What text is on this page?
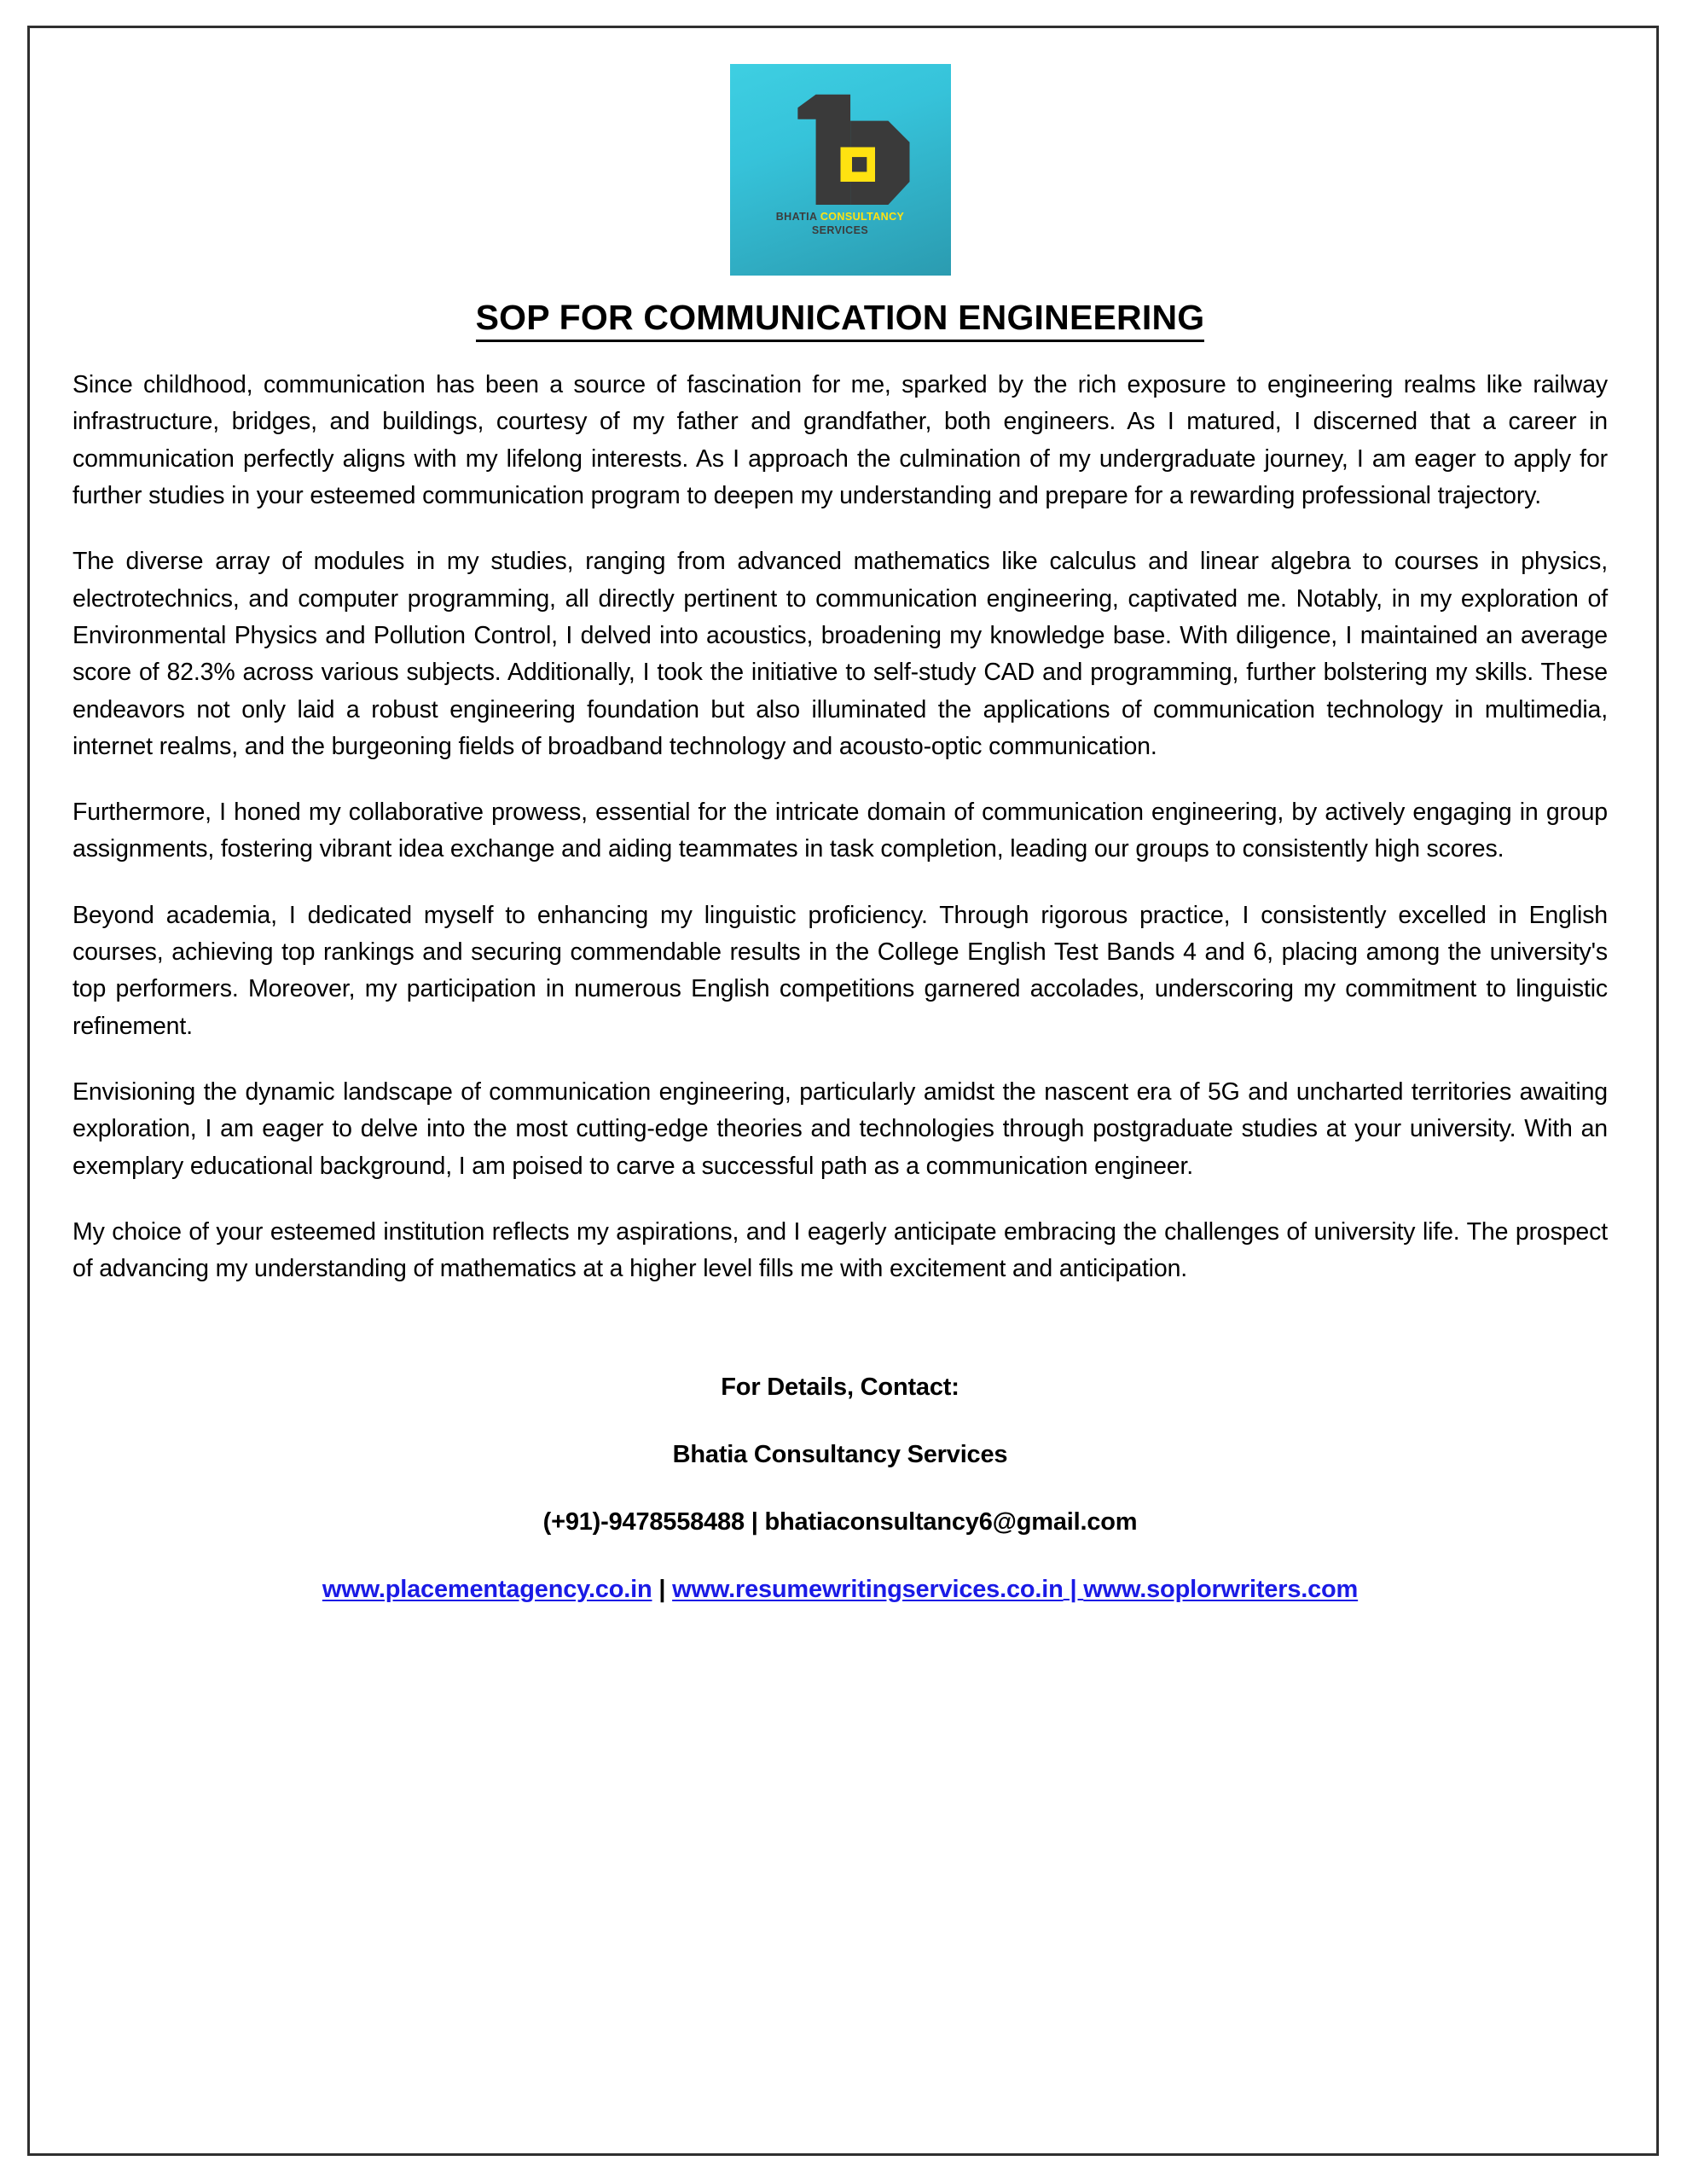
BHATIA CONSULTANCY
SERVICES
SOP FOR COMMUNICATION ENGINEERING

Since childhood, communication has been a source of fascination for me, sparked by the rich exposure to engineering realms like railway infrastructure, bridges, and buildings, courtesy of my father and grandfather, both engineers. As I matured, I discerned that a career in communication perfectly aligns with my lifelong interests. As I approach the culmination of my undergraduate journey, I am eager to apply for further studies in your esteemed communication program to deepen my understanding and prepare for a rewarding professional trajectory.

The diverse array of modules in my studies, ranging from advanced mathematics like calculus and linear algebra to courses in physics, electrotechnics, and computer programming, all directly pertinent to communication engineering, captivated me. Notably, in my exploration of Environmental Physics and Pollution Control, I delved into acoustics, broadening my knowledge base. With diligence, I maintained an average score of 82.3% across various subjects. Additionally, I took the initiative to self-study CAD and programming, further bolstering my skills. These endeavors not only laid a robust engineering foundation but also illuminated the applications of communication technology in multimedia, internet realms, and the burgeoning fields of broadband technology and acousto-optic communication.

Furthermore, I honed my collaborative prowess, essential for the intricate domain of communication engineering, by actively engaging in group assignments, fostering vibrant idea exchange and aiding teammates in task completion, leading our groups to consistently high scores.

Beyond academia, I dedicated myself to enhancing my linguistic proficiency. Through rigorous practice, I consistently excelled in English courses, achieving top rankings and securing commendable results in the College English Test Bands 4 and 6, placing among the university's top performers. Moreover, my participation in numerous English competitions garnered accolades, underscoring my commitment to linguistic refinement.

Envisioning the dynamic landscape of communication engineering, particularly amidst the nascent era of 5G and uncharted territories awaiting exploration, I am eager to delve into the most cutting-edge theories and technologies through postgraduate studies at your university. With an exemplary educational background, I am poised to carve a successful path as a communication engineer.

My choice of your esteemed institution reflects my aspirations, and I eagerly anticipate embracing the challenges of university life. The prospect of advancing my understanding of mathematics at a higher level fills me with excitement and anticipation.

For Details, Contact:
Bhatia Consultancy Services
(+91)-9478558488 | bhatiaconsultancy6@gmail.com
www.placementagency.co.in | www.resumewritingservices.co.in | www.soplorwriters.com
